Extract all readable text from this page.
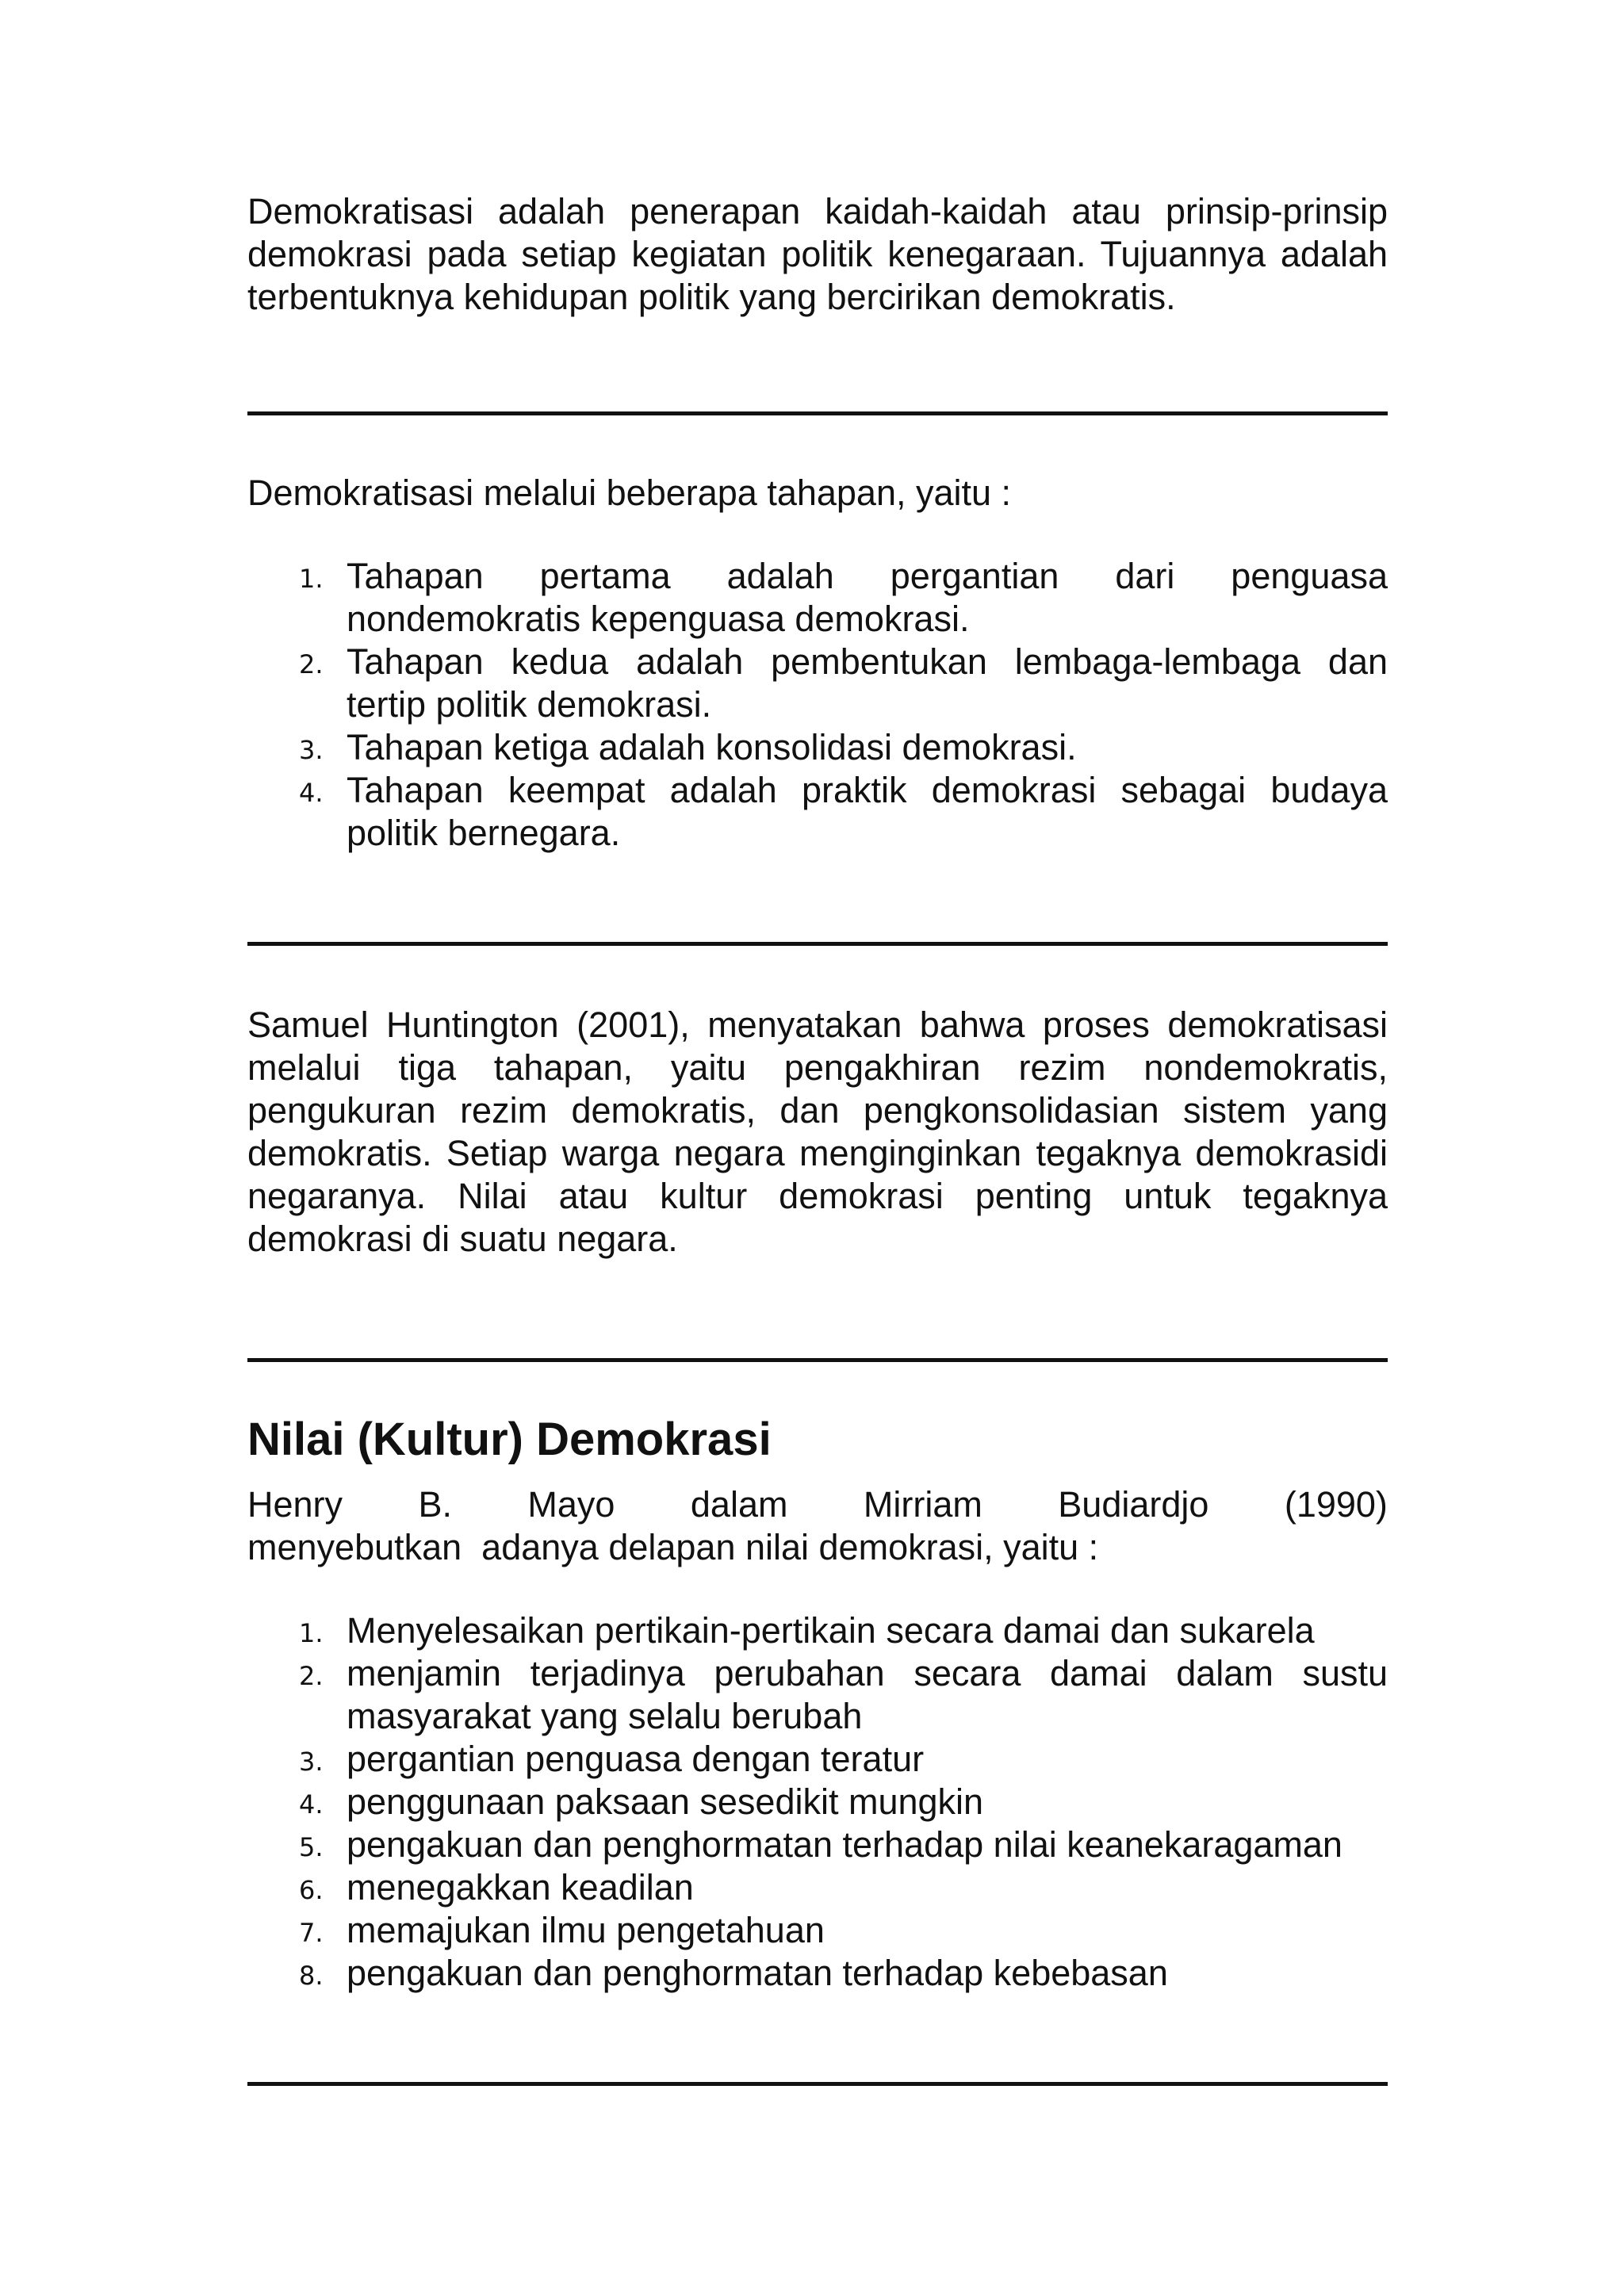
Demokratisasi adalah penerapan kaidah-kaidah atau prinsip-prinsip demokrasi pada setiap kegiatan politik kenegaraan. Tujuannya adalah terbentuknya kehidupan politik yang bercirikan demokratis.

Demokratisasi melalui beberapa tahapan, yaitu :

1. Tahapan pertama adalah pergantian dari penguasa nondemokratis kepenguasa demokrasi.
2. Tahapan kedua adalah pembentukan lembaga-lembaga dan tertip politik demokrasi.
3. Tahapan ketiga adalah konsolidasi demokrasi.
4. Tahapan keempat adalah praktik demokrasi sebagai budaya politik bernegara.

Samuel Huntington (2001), menyatakan bahwa proses demokratisasi melalui tiga tahapan, yaitu pengakhiran rezim nondemokratis, pengukuran rezim demokratis, dan pengkonsolidasian sistem yang demokratis. Setiap warga negara menginginkan tegaknya demokrasidi negaranya. Nilai atau kultur demokrasi penting untuk tegaknya demokrasi di suatu negara.

Nilai (Kultur) Demokrasi
Henry B. Mayo dalam Mirriam Budiardjo (1990)
menyebutkan  adanya delapan nilai demokrasi, yaitu :
1. Menyelesaikan pertikain-pertikain secara damai dan sukarela
2. menjamin terjadinya perubahan secara damai dalam sustu masyarakat yang selalu berubah
3. pergantian penguasa dengan teratur
4. penggunaan paksaan sesedikit mungkin
5. pengakuan dan penghormatan terhadap nilai keanekaragaman
6. menegakkan keadilan
7. memajukan ilmu pengetahuan
8. pengakuan dan penghormatan terhadap kebebasan
